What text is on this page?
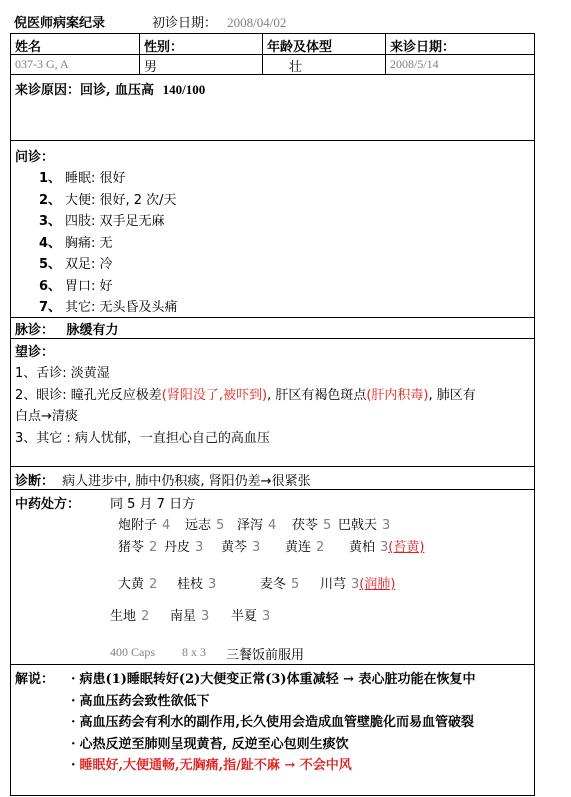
倪医师病案纪录	初诊日期： 2008/04/02
姓名	性别：	年龄及体型	来诊日期：
037-3 G, A	男	壮	2008/5/14
来诊原因：回诊, 血压高 140/100
问诊：
1、 睡眠: 很好
2、 大便: 很好, 2 次/天
3、 四肢: 双手足无麻
4、 胸痛: 无
5、 双足: 冷
6、 胃口: 好
7、 其它: 无头昏及头痛
脉诊： 脉缓有力
望诊：
1、舌诊: 淡黄湿
2、眼诊: 瞳孔光反应极差(肾阳没了,被吓到), 肝区有褐色斑点(肝内积毒), 肺区有
白点→清痰
3、其它 : 病人忧郁，一直担心自己的高血压
诊断： 病人进步中, 肺中仍积痰, 肾阳仍差→很紧张
中药处方： 同 5 月 7 日方
炮附子 4 远志 5 泽泻 4 茯苓 5 巴戟天 3
猪苓 2 丹皮 3 黄芩 3 黄连 2 黄柏 3(苔黄)
大黄 2 桂枝 3	麦冬 5 川芎 3(润肺)
生地 2 南星 3 半夏 3
400 Caps 8 x 3 三餐饭前服用
解说： · 病患(1)睡眠转好(2)大便变正常(3)体重减轻 → 表心脏功能在恢复中
· 高血压药会致性欲低下
· 高血压药会有利水的副作用,长久使用会造成血管壁脆化而易血管破裂
· 心热反逆至肺则呈现黄苔, 反逆至心包则生痰饮
· 睡眠好,大便通畅,无胸痛,指/趾不麻 → 不会中风
